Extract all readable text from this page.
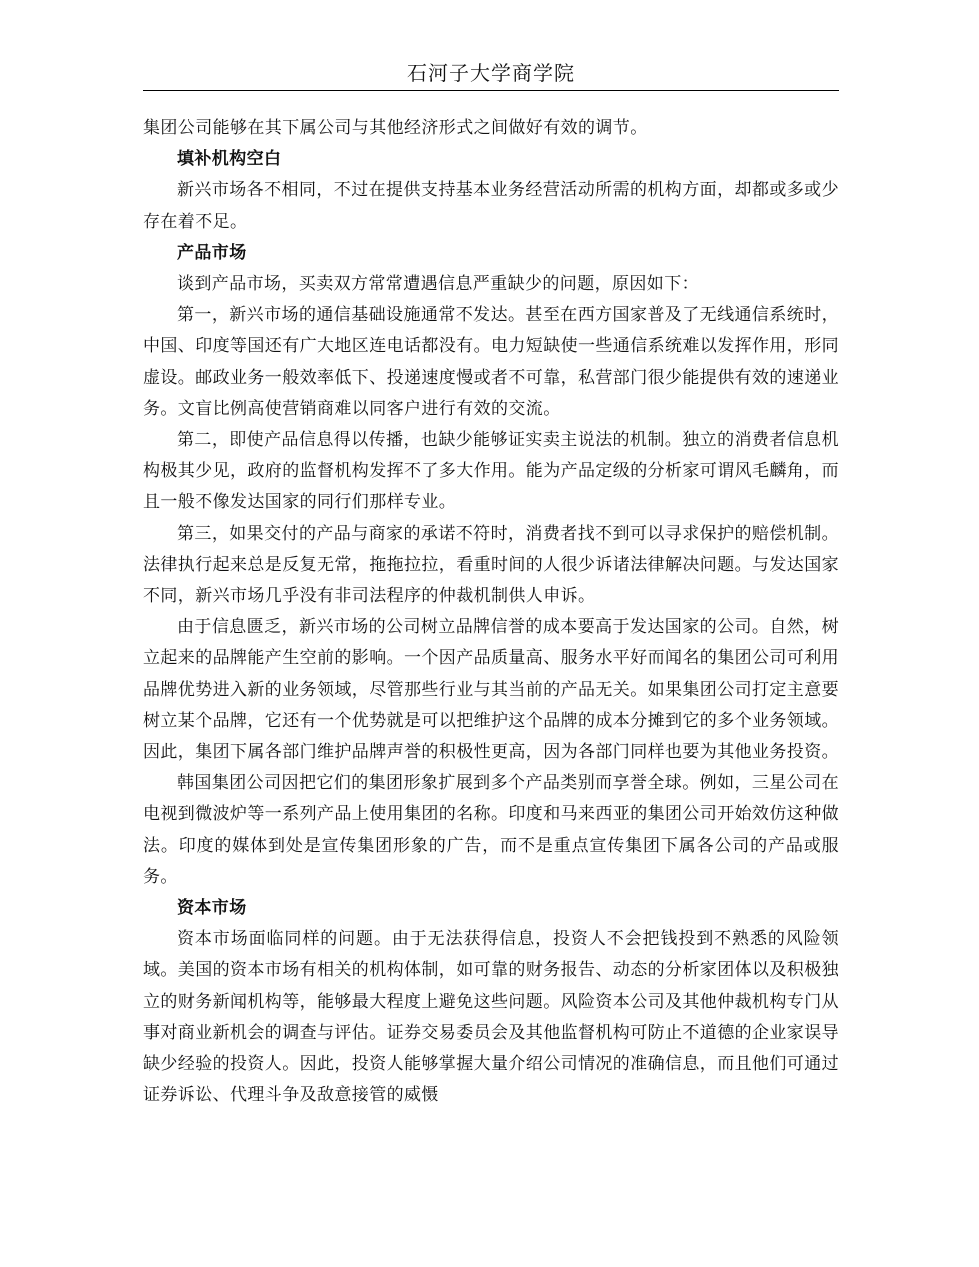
石河子大学商学院

集团公司能够在其下属公司与其他经济形式之间做好有效的调节。

填补机构空白

新兴市场各不相同，不过在提供支持基本业务经营活动所需的机构方面，却都或多或少存在着不足。

产品市场

谈到产品市场，买卖双方常常遭遇信息严重缺少的问题，原因如下：

第一，新兴市场的通信基础设施通常不发达。甚至在西方国家普及了无线通信系统时，中国、印度等国还有广大地区连电话都没有。电力短缺使一些通信系统难以发挥作用，形同虚设。邮政业务一般效率低下、投递速度慢或者不可靠，私营部门很少能提供有效的速递业务。文盲比例高使营销商难以同客户进行有效的交流。

第二，即使产品信息得以传播，也缺少能够证实卖主说法的机制。独立的消费者信息机构极其少见，政府的监督机构发挥不了多大作用。能为产品定级的分析家可谓风毛麟角，而且一般不像发达国家的同行们那样专业。

第三，如果交付的产品与商家的承诺不符时，消费者找不到可以寻求保护的赔偿机制。法律执行起来总是反复无常，拖拖拉拉，看重时间的人很少诉诸法律解决问题。与发达国家不同，新兴市场几乎没有非司法程序的仲裁机制供人申诉。

由于信息匮乏，新兴市场的公司树立品牌信誉的成本要高于发达国家的公司。自然，树立起来的品牌能产生空前的影响。一个因产品质量高、服务水平好而闻名的集团公司可利用品牌优势进入新的业务领域，尽管那些行业与其当前的产品无关。如果集团公司打定主意要树立某个品牌，它还有一个优势就是可以把维护这个品牌的成本分摊到它的多个业务领域。因此，集团下属各部门维护品牌声誉的积极性更高，因为各部门同样也要为其他业务投资。

韩国集团公司因把它们的集团形象扩展到多个产品类别而享誉全球。例如，三星公司在电视到微波炉等一系列产品上使用集团的名称。印度和马来西亚的集团公司开始效仿这种做法。印度的媒体到处是宣传集团形象的广告，而不是重点宣传集团下属各公司的产品或服务。

资本市场

资本市场面临同样的问题。由于无法获得信息，投资人不会把钱投到不熟悉的风险领域。美国的资本市场有相关的机构体制，如可靠的财务报告、动态的分析家团体以及积极独立的财务新闻机构等，能够最大程度上避免这些问题。风险资本公司及其他仲裁机构专门从事对商业新机会的调查与评估。证券交易委员会及其他监督机构可防止不道德的企业家误导缺少经验的投资人。因此，投资人能够掌握大量介绍公司情况的准确信息，而且他们可通过证券诉讼、代理斗争及敌意接管的威慑
